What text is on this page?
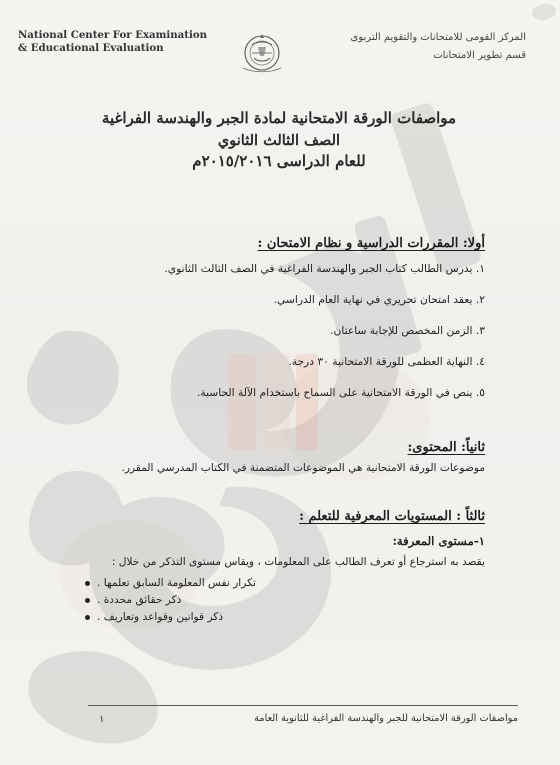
National Center For Examination
& Educational Evaluation
المركز القومى للامتحانات والتقويم التربوى
قسم تطوير الامتحانات
مواصفات الورقة الامتحانية لمادة الجبر والهندسة الفراغية
الصف الثالث الثانوي
للعام الدراسى ٢٠١٥/٢٠١٦م
أولا: المقررات الدراسية و نظام الامتحان :
١. يدرس الطالب كتاب الجبر والهندسة الفراغية في الصف الثالث الثانوي.
٢. يعقد امتحان تحريري في نهاية العام الدراسي.
٣. الزمن المخصص للإجابة ساعتان.
٤. النهاية العظمى للورقة الامتحانية ٣٠ درجة.
٥. ينص في الورقة الامتحانية على السماح باستخدام الآلة الحاسبة.
ثانياً: المحتوى:
موضوعات الورقة الامتحانية هي الموضوعات المتضمنة في الكتاب المدرسي المقرر.
ثالثاً : المستويات المعرفية للتعلم :
١-مستوى المعرفة:
يقصد به استرجاع أو تعرف الطالب على المعلومات ، ويقاس مستوى التذكر من خلال :
تكرار نفس المعلومة السابق تعلمها .
ذكر حقائق محددة .
ذكر قوانين وقواعد وتعاريف .
١	مواصفات الورقة الامتحانية للجبر والهندسة الفراغية للثانوية العامة
